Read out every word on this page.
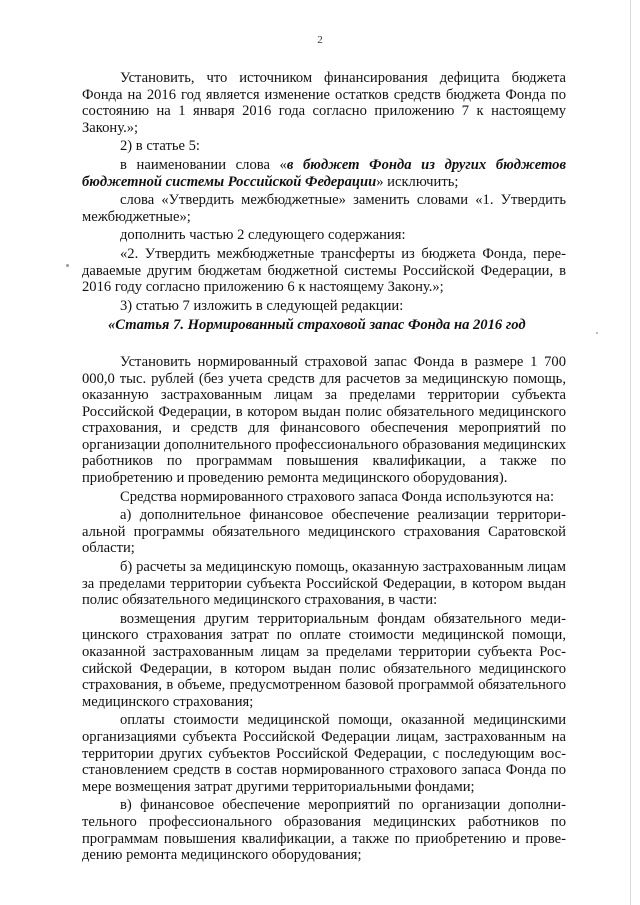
2

Установить, что источником финансирования дефицита бюджета Фонда на 2016 год является изменение остатков средств бюджета Фонда по состоянию на 1 января 2016 года согласно приложению 7 к настоящему Закону.»;

2) в статье 5:

в наименовании слова «в бюджет Фонда из других бюджетов бюджетной системы Российской Федерации» исключить;

слова «Утвердить межбюджетные» заменить словами «1. Утвердить межбюджетные»;

дополнить частью 2 следующего содержания:

«2. Утвердить межбюджетные трансферты из бюджета Фонда, передаваемые другим бюджетам бюджетной системы Российской Федерации, в 2016 году согласно приложению 6 к настоящему Закону.»;

3) статью 7 изложить в следующей редакции:

«Статья 7. Нормированный страховой запас Фонда на 2016 год

Установить нормированный страховой запас Фонда в размере 1 700 000,0 тыс. рублей (без учета средств для расчетов за медицинскую помощь, оказанную застрахованным лицам за пределами территории субъекта Российской Федерации, в котором выдан полис обязательного медицинского страхования, и средств для финансового обеспечения мероприятий по организации дополнительного профессионального образования медицинских работников по программам повышения квалификации, а также по приобретению и проведению ремонта медицинского оборудования).

Средства нормированного страхового запаса Фонда используются на:

а) дополнительное финансовое обеспечение реализации территориальной программы обязательного медицинского страхования Саратовской области;

б) расчеты за медицинскую помощь, оказанную застрахованным лицам за пределами территории субъекта Российской Федерации, в котором выдан полис обязательного медицинского страхования, в части:

возмещения другим территориальным фондам обязательного медицинского страхования затрат по оплате стоимости медицинской помощи, оказанной застрахованным лицам за пределами территории субъекта Российской Федерации, в котором выдан полис обязательного медицинского страхования, в объеме, предусмотренном базовой программой обязательного медицинского страхования;

оплаты стоимости медицинской помощи, оказанной медицинскими организациями субъекта Российской Федерации лицам, застрахованным на территории других субъектов Российской Федерации, с последующим восстановлением средств в состав нормированного страхового запаса Фонда по мере возмещения затрат другими территориальными фондами;

в) финансовое обеспечение мероприятий по организации дополнительного профессионального образования медицинских работников по программам повышения квалификации, а также по приобретению и проведению ремонта медицинского оборудования;
